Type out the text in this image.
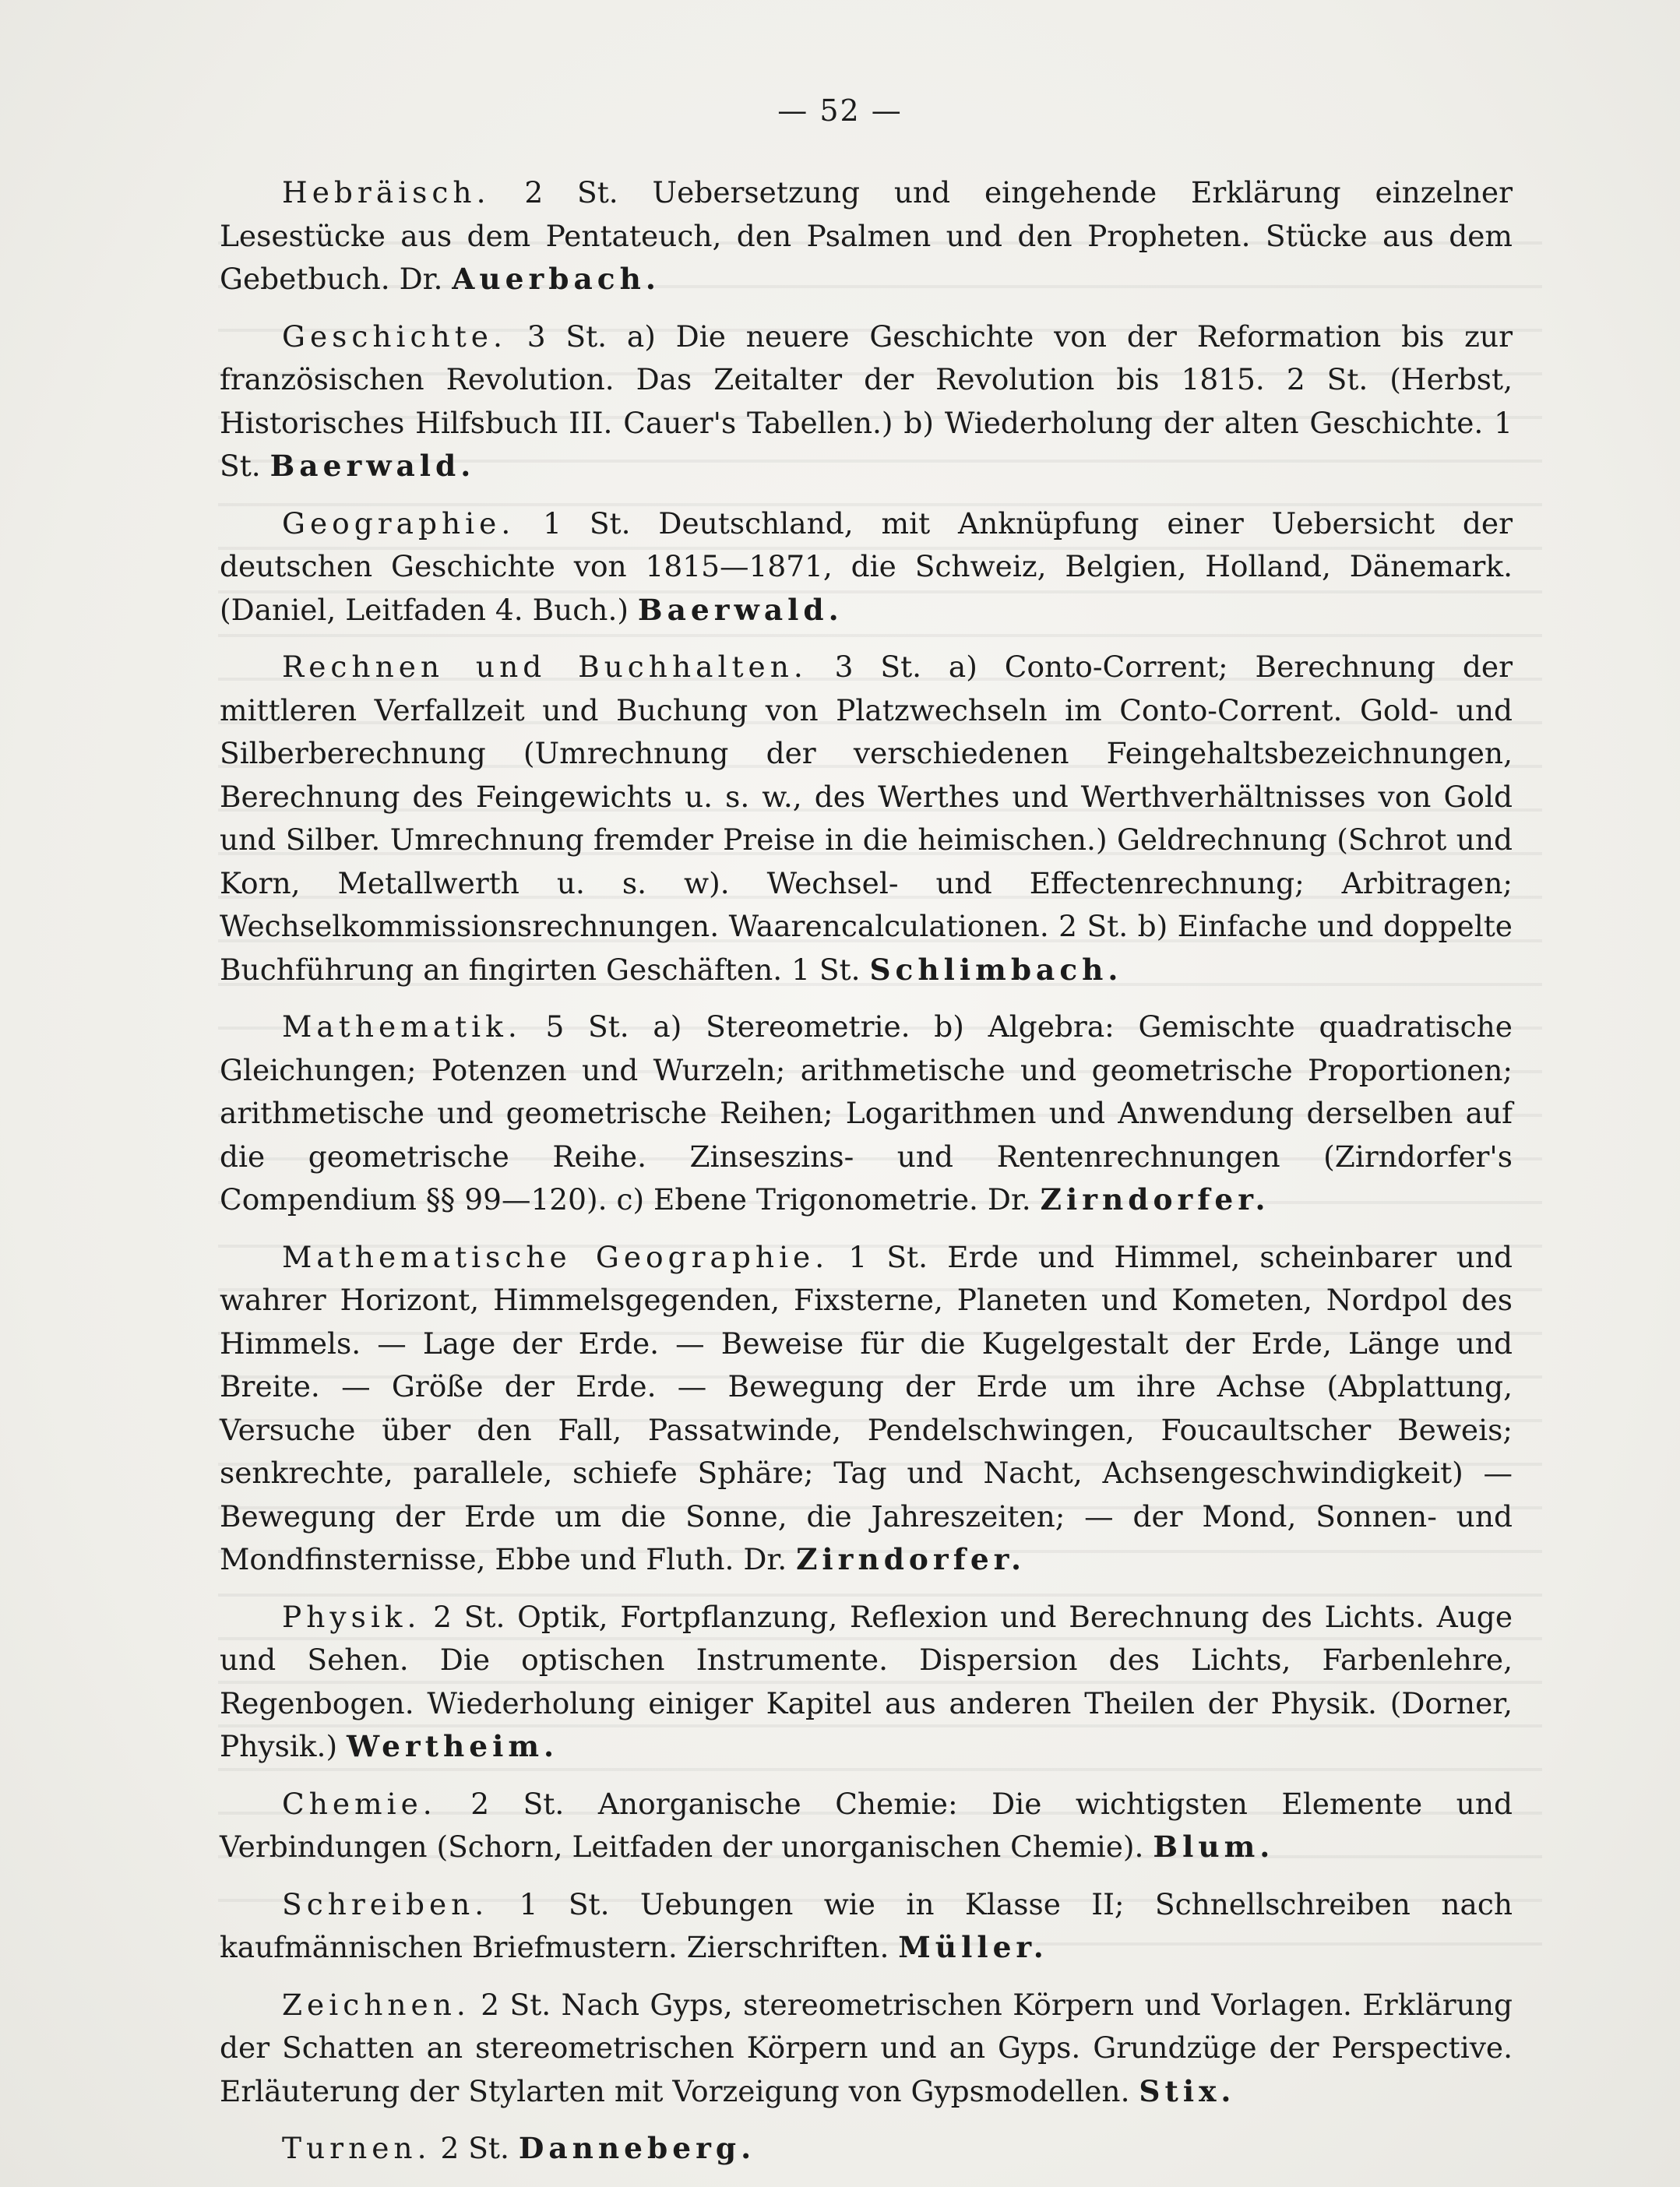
— 52 —

Hebräisch. 2 St. Uebersetzung und eingehende Erklärung einzelner Lesestücke aus dem Pentateuch, den Psalmen und den Propheten. Stücke aus dem Gebetbuch. Dr. Auerbach.

Geschichte. 3 St. a) Die neuere Geschichte von der Reformation bis zur französischen Revolution. Das Zeitalter der Revolution bis 1815. 2 St. (Herbst, Historisches Hilfsbuch III. Cauer's Tabellen.) b) Wiederholung der alten Geschichte. 1 St. Baerwald.

Geographie. 1 St. Deutschland, mit Anknüpfung einer Uebersicht der deutschen Geschichte von 1815—1871, die Schweiz, Belgien, Holland, Dänemark. (Daniel, Leitfaden 4. Buch.) Baerwald.

Rechnen und Buchhalten. 3 St. a) Conto-Corrent; Berechnung der mittleren Verfallzeit und Buchung von Platzwechseln im Conto-Corrent. Gold- und Silberberechnung (Umrechnung der verschiedenen Feingehaltsbezeichnungen, Berechnung des Feingewichts u. s. w., des Werthes und Werthverhältnisses von Gold und Silber. Umrechnung fremder Preise in die heimischen.) Geldrechnung (Schrot und Korn, Metallwerth u. s. w). Wechsel- und Effectenrechnung; Arbitragen; Wechselkommissionsrechnungen. Waarencalculationen. 2 St. b) Einfache und doppelte Buchführung an fingirten Geschäften. 1 St. Schlimbach.

Mathematik. 5 St. a) Stereometrie. b) Algebra: Gemischte quadratische Gleichungen; Potenzen und Wurzeln; arithmetische und geometrische Proportionen; arithmetische und geometrische Reihen; Logarithmen und Anwendung derselben auf die geometrische Reihe. Zinseszins- und Rentenrechnungen (Zirndorfer's Compendium §§ 99—120). c) Ebene Trigonometrie. Dr. Zirndorfer.

Mathematische Geographie. 1 St. Erde und Himmel, scheinbarer und wahrer Horizont, Himmelsgegenden, Fixsterne, Planeten und Kometen, Nordpol des Himmels. — Lage der Erde. — Beweise für die Kugelgestalt der Erde, Länge und Breite. — Größe der Erde. — Bewegung der Erde um ihre Achse (Abplattung, Versuche über den Fall, Passatwinde, Pendelschwingen, Foucaultscher Beweis; senkrechte, parallele, schiefe Sphäre; Tag und Nacht, Achsengeschwindigkeit) — Bewegung der Erde um die Sonne, die Jahreszeiten; — der Mond, Sonnen- und Mondfinsternisse, Ebbe und Fluth. Dr. Zirndorfer.

Physik. 2 St. Optik, Fortpflanzung, Reflexion und Berechnung des Lichts. Auge und Sehen. Die optischen Instrumente. Dispersion des Lichts, Farbenlehre, Regenbogen. Wiederholung einiger Kapitel aus anderen Theilen der Physik. (Dorner, Physik.) Wertheim.

Chemie. 2 St. Anorganische Chemie: Die wichtigsten Elemente und Verbindungen (Schorn, Leitfaden der unorganischen Chemie). Blum.

Schreiben. 1 St. Uebungen wie in Klasse II; Schnellschreiben nach kaufmännischen Briefmustern. Zierschriften. Müller.

Zeichnen. 2 St. Nach Gyps, stereometrischen Körpern und Vorlagen. Erklärung der Schatten an stereometrischen Körpern und an Gyps. Grundzüge der Perspective. Erläuterung der Stylarten mit Vorzeigung von Gypsmodellen. Stix.

Turnen. 2 St. Danneberg.
